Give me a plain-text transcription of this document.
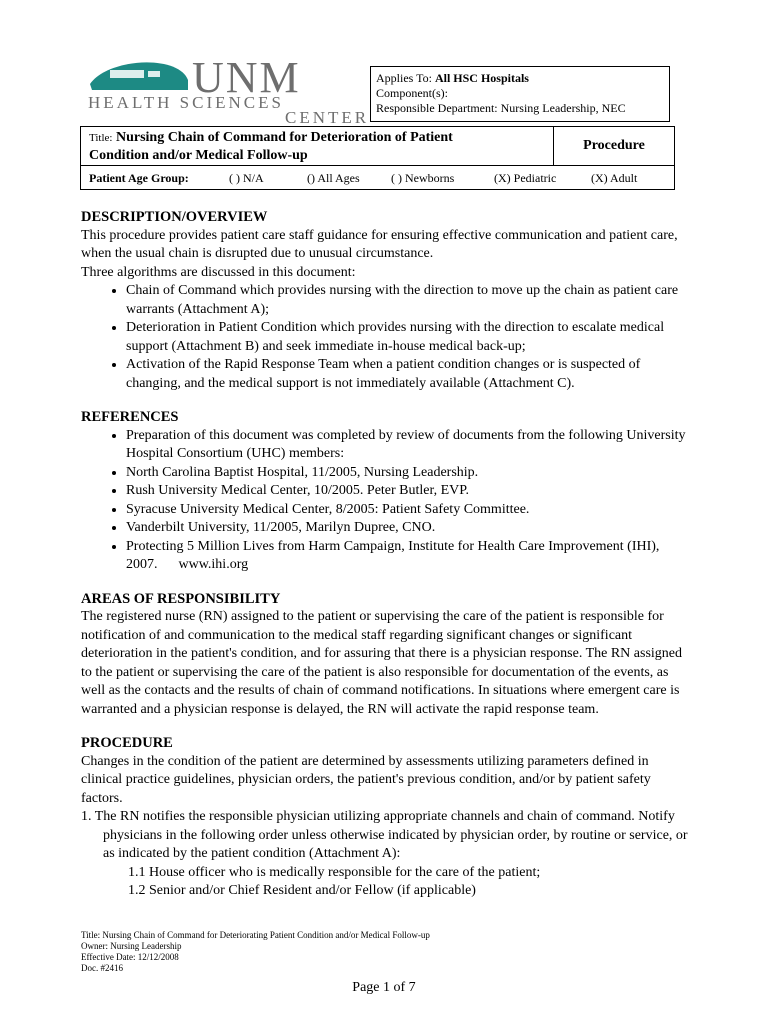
UNM
HEALTH SCIENCES
CENTER
Applies To: All HSC Hospitals
Component(s):
Responsible Department: Nursing Leadership, NEC
Title: Nursing Chain of Command for Deterioration of Patient
Condition and/or Medical Follow-up
Procedure
Patient Age Group:	( ) N/A	() All Ages	( ) Newborns	(X) Pediatric	(X) Adult
DESCRIPTION/OVERVIEW

This procedure provides patient care staff guidance for ensuring effective communication and patient care, when the usual chain is disrupted due to unusual circumstance.

Three algorithms are discussed in this document:

• Chain of Command which provides nursing with the direction to move up the chain as patient care warrants (Attachment A);
• Deterioration in Patient Condition which provides nursing with the direction to escalate medical support (Attachment B) and seek immediate in-house medical back-up;
• Activation of the Rapid Response Team when a patient condition changes or is suspected of changing, and the medical support is not immediately available (Attachment C).
REFERENCES
• Preparation of this document was completed by review of documents from the following University Hospital Consortium (UHC) members:
• North Carolina Baptist Hospital, 11/2005, Nursing Leadership.
• Rush University Medical Center, 10/2005. Peter Butler, EVP.
• Syracuse University Medical Center, 8/2005: Patient Safety Committee.
• Vanderbilt University, 11/2005, Marilyn Dupree, CNO.
• Protecting 5 Million Lives from Harm Campaign, Institute for Health Care Improvement (IHI), 2007.      www.ihi.org
AREAS OF RESPONSIBILITY

The registered nurse (RN) assigned to the patient or supervising the care of the patient is responsible for notification of and communication to the medical staff regarding significant changes or significant deterioration in the patient's condition, and for assuring that there is a physician response. The RN assigned to the patient or supervising the care of the patient is also responsible for documentation of the events, as well as the contacts and the results of chain of command notifications. In situations where emergent care is warranted and a physician response is delayed, the RN will activate the rapid response team.

PROCEDURE

Changes in the condition of the patient are determined by assessments utilizing parameters defined in clinical practice guidelines, physician orders, the patient's previous condition, and/or by patient safety factors.

1. The RN notifies the responsible physician utilizing appropriate channels and chain of command. Notify physicians in the following order unless otherwise indicated by physician order, by routine or service, or as indicated by the patient condition (Attachment A):

1.1 House officer who is medically responsible for the care of the patient;

1.2 Senior and/or Chief Resident and/or Fellow (if applicable)

Title: Nursing Chain of Command for Deteriorating Patient Condition and/or Medical Follow-up
Owner: Nursing Leadership
Effective Date: 12/12/2008
Doc. #2416
Page 1 of 7
